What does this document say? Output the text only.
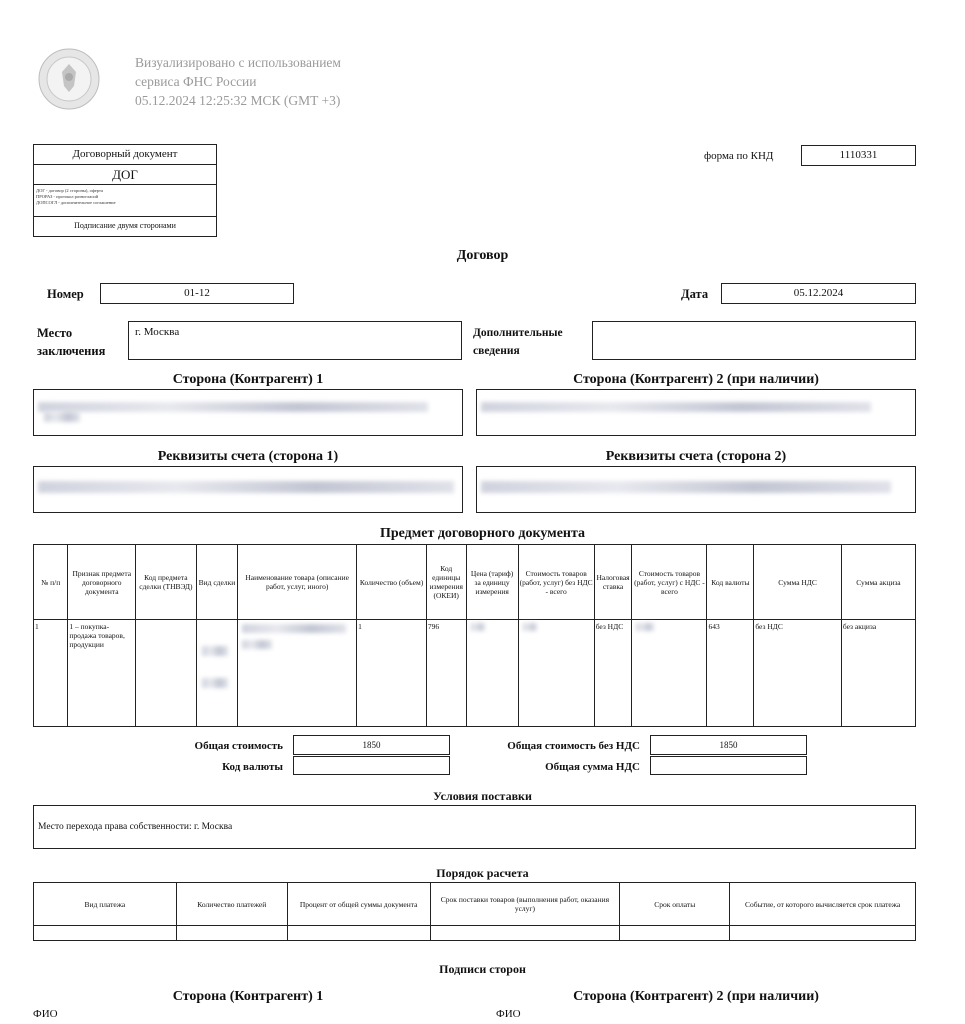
Визуализировано с использованием
сервиса ФНС России
05.12.2024 12:25:32 МСК (GMT +3)
Договорный документ
ДОГ
ДОГ - договор (2 стороны), оферта
ПРОРАЗ - протокол разногласий
ДОПСОГЛ - дополнительное соглашение
Подписание двумя сторонами
форма по КНД	1110331
Договор
Номер	01-12	Дата	05.12.2024
Место
заключения
г. Москва	Дополнительные
сведения
Сторона (Контрагент) 1	Сторона (Контрагент) 2 (при наличии)
Реквизиты счета (сторона 1)	Реквизиты счета (сторона 2)
Предмет договорного документа
№ п/п	Признак предмета договорного документа	Код предмета сделки (ТНВЭД)	Вид сделки	Наименование товара (описание работ, услуг, иного)	Количество (объем)	Код единицы измерения (ОКЕИ)	Цена (тариф) за единицу измерения	Стоимость товаров (работ, услуг) без НДС - всего	Налоговая ставка	Стоимость товаров (работ, услуг) с НДС - всего	Код валюты	Сумма НДС	Сумма акциза
1	1 – покупка-продажа товаров, продукции				1	796			без НДС		643	без НДС	без акциза
Общая стоимость	1850
Код валюты
Общая стоимость без НДС	1850
Общая сумма НДС
Условия поставки
Место перехода права собственности: г. Москва
Порядок расчета
Вид платежа	Количество платежей	Процент от общей суммы документа	Срок поставки товаров (выполнения работ, оказания услуг)	Срок оплаты	Событие, от которого вычисляется срок платежа

Подписи сторон
Сторона (Контрагент) 1	Сторона (Контрагент) 2 (при наличии)
ФИО	ФИО
